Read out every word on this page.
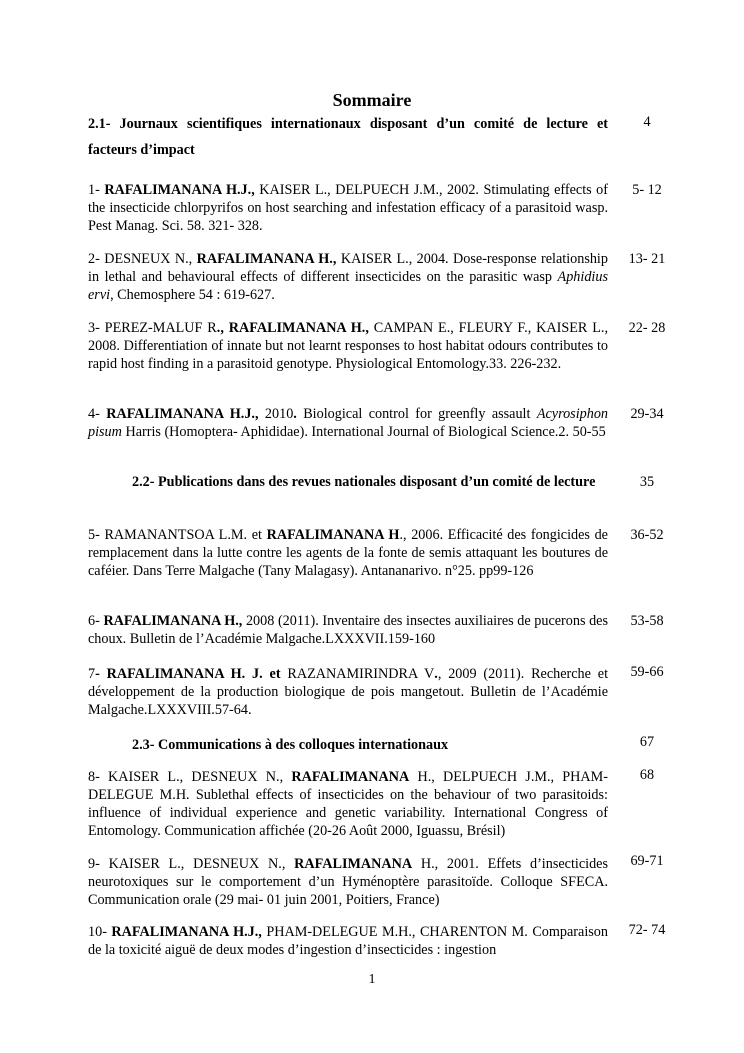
Sommaire
2.1- Journaux scientifiques internationaux disposant d’un comité de lecture et facteurs d’impact
4
1- RAFALIMANANA H.J., KAISER L., DELPUECH J.M., 2002. Stimulating effects of the insecticide chlorpyrifos on host searching and infestation efficacy of a parasitoid wasp. Pest Manag. Sci. 58. 321- 328.
5- 12
2- DESNEUX N., RAFALIMANANA H., KAISER L., 2004. Dose-response relationship in lethal and behavioural effects of different insecticides on the parasitic wasp Aphidius ervi, Chemosphere 54 : 619-627.
13- 21
3- PEREZ-MALUF R., RAFALIMANANA H., CAMPAN E., FLEURY F., KAISER L., 2008. Differentiation of innate but not learnt responses to host habitat odours contributes to rapid host finding in a parasitoid genotype. Physiological Entomology.33. 226-232.
22- 28
4- RAFALIMANANA H.J., 2010. Biological control for greenfly assault Acyrosiphon pisum Harris (Homoptera- Aphididae). International Journal of Biological Science.2. 50-55
29-34
2.2- Publications dans des revues nationales disposant d’un comité de lecture	35
5- RAMANANTSOA L.M. et RAFALIMANANA H., 2006. Efficacité des fongicides de remplacement dans la lutte contre les agents de la fonte de semis attaquant les boutures de caféier. Dans Terre Malgache (Tany Malagasy). Antananarivo. n°25. pp99-126
36-52
6- RAFALIMANANA H., 2008 (2011). Inventaire des insectes auxiliaires de pucerons des choux. Bulletin de l’Académie Malgache.LXXXVII.159-160
53-58
7- RAFALIMANANA H. J. et RAZANAMIRINDRA V., 2009 (2011). Recherche et développement de la production biologique de pois mangetout. Bulletin de l’Académie Malgache.LXXXVIII.57-64.
59-66
2.3- Communications à des colloques internationaux	67
8- KAISER L., DESNEUX N., RAFALIMANANA H., DELPUECH J.M., PHAM-DELEGUE M.H. Sublethal effects of insecticides on the behaviour of two parasitoids: influence of individual experience and genetic variability. International Congress of Entomology. Communication affichée (20-26 Août 2000, Iguassu, Brésil)
68
9- KAISER L., DESNEUX N., RAFALIMANANA H., 2001. Effets d’insecticides neurotoxiques sur le comportement d’un Hyménoptère parasitoïde. Colloque SFECA. Communication orale (29 mai- 01 juin 2001, Poitiers, France)
69-71
10- RAFALIMANANA H.J., PHAM-DELEGUE M.H., CHARENTON M. Comparaison de la toxicité aiguë de deux modes d’ingestion d’insecticides : ingestion
72- 74
1
